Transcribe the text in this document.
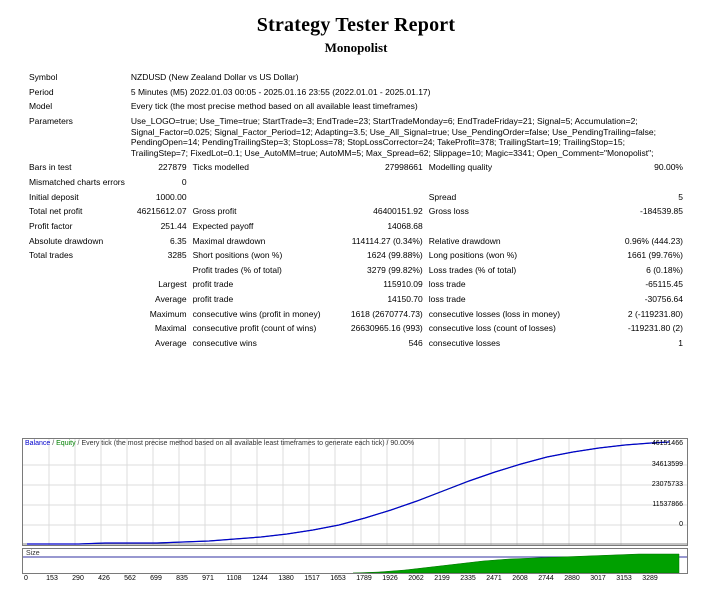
Strategy Tester Report
Monopolist
Symbol	NZDUSD (New Zealand Dollar vs US Dollar)				
Period	5 Minutes (M5) 2022.01.03 00:05 - 2025.01.16 23:55 (2022.01.01 - 2025.01.17)				
Model	Every tick (the most precise method based on all available least timeframes)				
Parameters	Use_LOGO=true; Use_Time=true; StartTrade=3; EndTrade=23; StartTradeMonday=6; EndTradeFriday=21; Signal=5; Accumulation=2; Signal_Factor=0.025; Signal_Factor_Period=12; Adapting=3.5; Use_All_Signal=true; Use_PendingOrder=false; Use_PendingTrailing=false; PendingOpen=14; PendingTrailingStep=3; StopLoss=78; StopLossCorrector=24; TakeProfit=378; TrailingStart=19; TrailingStop=15; TrailingStep=7; FixedLot=0.1; Use_AutoMM=true; AutoMM=5; Max_Spread=62; Slippage=10; Magic=3341; Open_Comment="Monopolist";				
Bars in test	227879	Ticks modelled	27998661	Modelling quality	90.00%
Mismatched charts errors	0				
Initial deposit	1000.00			Spread	5
Total net profit	46215612.07	Gross profit	46400151.92	Gross loss	-184539.85
Profit factor	251.44	Expected payoff	14068.68		
Absolute drawdown	6.35	Maximal drawdown	114114.27 (0.34%)	Relative drawdown	0.96% (444.23)
Total trades	3285	Short positions (won %)	1624 (99.88%)	Long positions (won %)	1661 (99.76%)
		Profit trades (% of total)	3279 (99.82%)	Loss trades (% of total)	6 (0.18%)
	Largest	profit trade	115910.09	loss trade	-65115.45
	Average	profit trade	14150.70	loss trade	-30756.64
	Maximum	consecutive wins (profit in money)	1618 (2670774.73)	consecutive losses (loss in money)	2 (-119231.80)
	Maximal	consecutive profit (count of wins)	26630965.16 (993)	consecutive loss (count of losses)	-119231.80 (2)
	Average	consecutive wins	546	consecutive losses	1
Balance / Equity / Every tick (the most precise method based on all available least timeframes to generate each tick) / 90.00%	46151466
34613599
23075733
11537866
0
Size
0	153 290 426 562 699 835 971 1108 1244 1380 1517 1653 1789 1926 2062 2199 2335 2471 2608 2744 2880 3017 3153 3289
